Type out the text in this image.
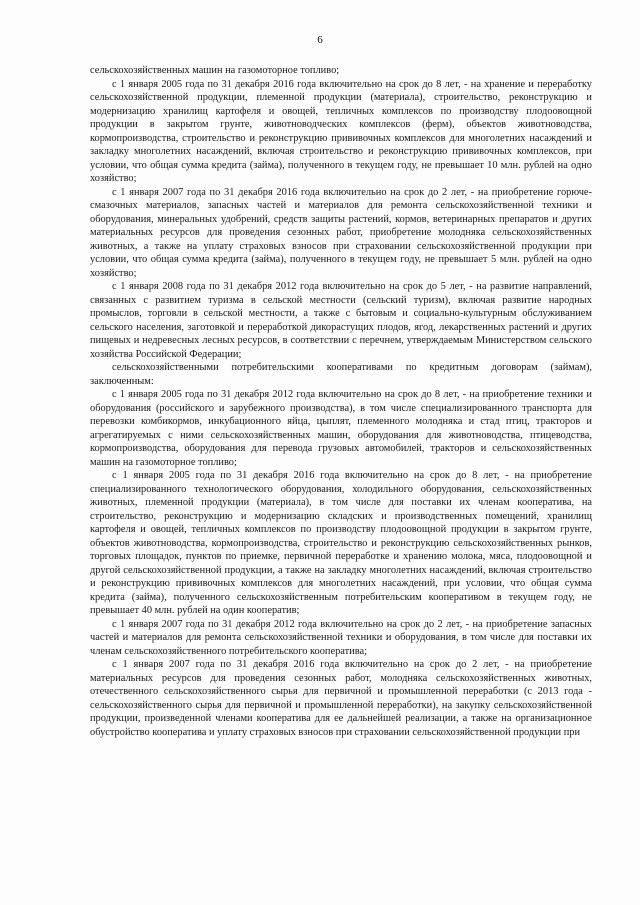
6

сельскохозяйственных машин на газомоторное топливо;

с 1 января 2005 года по 31 декабря 2016 года включительно на срок до 8 лет, - на хранение и переработку сельскохозяйственной продукции, племенной продукции (материала), строительство, реконструкцию и модернизацию хранилищ картофеля и овощей, тепличных комплексов по производству плодоовощной продукции в закрытом грунте, животноводческих комплексов (ферм), объектов животноводства, кормопроизводства, строительство и реконструкцию прививочных комплексов для многолетних насаждений и закладку многолетних насаждений, включая строительство и реконструкцию прививочных комплексов, при условии, что общая сумма кредита (займа), полученного в текущем году, не превышает 10 млн. рублей на одно хозяйство;

с 1 января 2007 года по 31 декабря 2016 года включительно на срок до 2 лет, - на приобретение горюче-смазочных материалов, запасных частей и материалов для ремонта сельскохозяйственной техники и оборудования, минеральных удобрений, средств защиты растений, кормов, ветеринарных препаратов и других материальных ресурсов для проведения сезонных работ, приобретение молодняка сельскохозяйственных животных, а также на уплату страховых взносов при страховании сельскохозяйственной продукции при условии, что общая сумма кредита (займа), полученного в текущем году, не превышает 5 млн. рублей на одно хозяйство;

с 1 января 2008 года по 31 декабря 2012 года включительно на срок до 5 лет, - на развитие направлений, связанных с развитием туризма в сельской местности (сельский туризм), включая развитие народных промыслов, торговли в сельской местности, а также с бытовым и социально-культурным обслуживанием сельского населения, заготовкой и переработкой дикорастущих плодов, ягод, лекарственных растений и других пищевых и недревесных лесных ресурсов, в соответствии с перечнем, утверждаемым Министерством сельского хозяйства Российской Федерации;

сельскохозяйственными потребительскими кооперативами по кредитным договорам (займам), заключенным:

с 1 января 2005 года по 31 декабря 2012 года включительно на срок до 8 лет, - на приобретение техники и оборудования (российского и зарубежного производства), в том числе специализированного транспорта для перевозки комбикормов, инкубационного яйца, цыплят, племенного молодняка и стад птиц, тракторов и агрегатируемых с ними сельскохозяйственных машин, оборудования для животноводства, птицеводства, кормопроизводства, оборудования для перевода грузовых автомобилей, тракторов и сельскохозяйственных машин на газомоторное топливо;

с 1 января 2005 года по 31 декабря 2016 года включительно на срок до 8 лет, - на приобретение специализированного технологического оборудования, холодильного оборудования, сельскохозяйственных животных, племенной продукции (материала), в том числе для поставки их членам кооператива, на строительство, реконструкцию и модернизацию складских и производственных помещений, хранилищ картофеля и овощей, тепличных комплексов по производству плодоовощной продукции в закрытом грунте, объектов животноводства, кормопроизводства, строительство и реконструкцию сельскохозяйственных рынков, торговых площадок, пунктов по приемке, первичной переработке и хранению молока, мяса, плодоовощной и другой сельскохозяйственной продукции, а также на закладку многолетних насаждений, включая строительство и реконструкцию прививочных комплексов для многолетних насаждений, при условии, что общая сумма кредита (займа), полученного сельскохозяйственным потребительским кооперативом в текущем году, не превышает 40 млн. рублей на один кооператив;

с 1 января 2007 года по 31 декабря 2012 года включительно на срок до 2 лет, - на приобретение запасных частей и материалов для ремонта сельскохозяйственной техники и оборудования, в том числе для поставки их членам сельскохозяйственного потребительского кооператива;

с 1 января 2007 года по 31 декабря 2016 года включительно на срок до 2 лет, - на приобретение материальных ресурсов для проведения сезонных работ, молодняка сельскохозяйственных животных, отечественного сельскохозяйственного сырья для первичной и промышленной переработки (с 2013 года - сельскохозяйственного сырья для первичной и промышленной переработки), на закупку сельскохозяйственной продукции, произведенной членами кооператива для ее дальнейшей реализации, а также на организационное обустройство кооператива и уплату страховых взносов при страховании сельскохозяйственной продукции при
